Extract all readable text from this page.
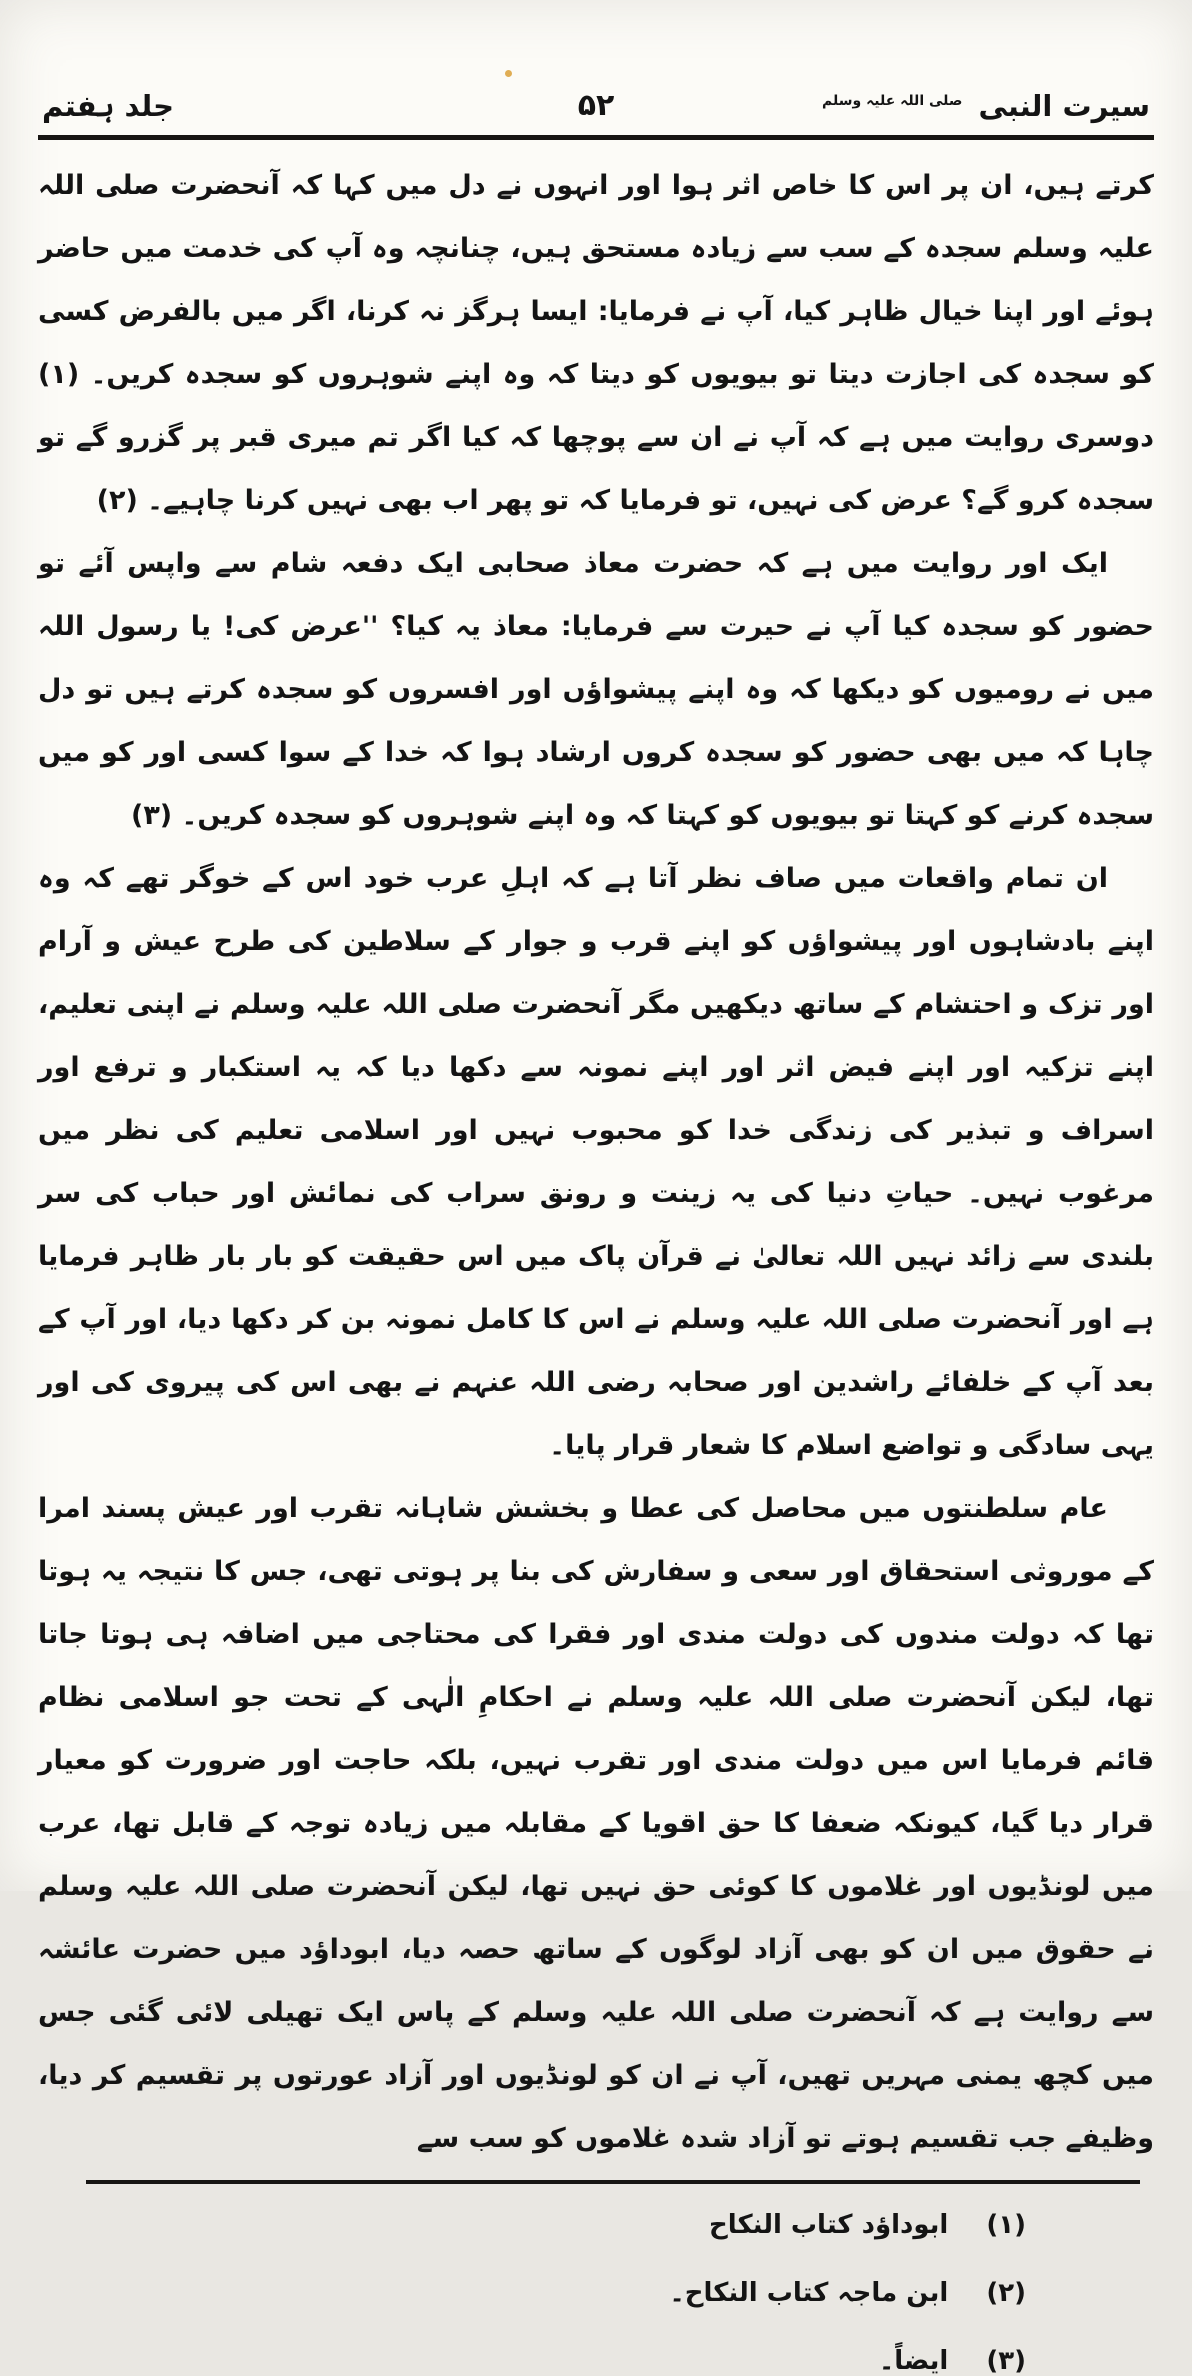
سیرت النبی $^{صلی اللہ علیہ وسلم}$
۵۲
جلد ہفتم

کرتے ہیں، ان پر اس کا خاص اثر ہوا اور انہوں نے دل میں کہا کہ آنحضرت صلی اللہ علیہ وسلم سجدہ کے سب سے زیادہ مستحق ہیں، چنانچہ وہ آپ کی خدمت میں حاضر ہوئے اور اپنا خیال ظاہر کیا، آپ نے فرمایا: ایسا ہرگز نہ کرنا، اگر میں بالفرض کسی کو سجدہ کی اجازت دیتا تو بیویوں کو دیتا کہ وہ اپنے شوہروں کو سجدہ کریں۔ (۱) دوسری روایت میں ہے کہ آپ نے ان سے پوچھا کہ کیا اگر تم میری قبر پر گزرو گے تو سجدہ کرو گے؟ عرض کی نہیں، تو فرمایا کہ تو پھر اب بھی نہیں کرنا چاہیے۔ (۲)

ایک اور روایت میں ہے کہ حضرت معاذ صحابی ایک دفعہ شام سے واپس آئے تو حضور کو سجدہ کیا آپ نے حیرت سے فرمایا: معاذ یہ کیا؟ ''عرض کی! یا رسول اللہ میں نے رومیوں کو دیکھا کہ وہ اپنے پیشواؤں اور افسروں کو سجدہ کرتے ہیں تو دل چاہا کہ میں بھی حضور کو سجدہ کروں ارشاد ہوا کہ خدا کے سوا کسی اور کو میں سجدہ کرنے کو کہتا تو بیویوں کو کہتا کہ وہ اپنے شوہروں کو سجدہ کریں۔ (۳)

ان تمام واقعات میں صاف نظر آتا ہے کہ اہلِ عرب خود اس کے خوگر تھے کہ وہ اپنے بادشاہوں اور پیشواؤں کو اپنے قرب و جوار کے سلاطین کی طرح عیش و آرام اور تزک و احتشام کے ساتھ دیکھیں مگر آنحضرت صلی اللہ علیہ وسلم نے اپنی تعلیم، اپنے تزکیہ اور اپنے فیض اثر اور اپنے نمونہ سے دکھا دیا کہ یہ استکبار و ترفع اور اسراف و تبذیر کی زندگی خدا کو محبوب نہیں اور اسلامی تعلیم کی نظر میں مرغوب نہیں۔ حیاتِ دنیا کی یہ زینت و رونق سراب کی نمائش اور حباب کی سر بلندی سے زائد نہیں اللہ تعالیٰ نے قرآن پاک میں اس حقیقت کو بار بار ظاہر فرمایا ہے اور آنحضرت صلی اللہ علیہ وسلم نے اس کا کامل نمونہ بن کر دکھا دیا، اور آپ کے بعد آپ کے خلفائے راشدین اور صحابہ رضی اللہ عنہم نے بھی اس کی پیروی کی اور یہی سادگی و تواضع اسلام کا شعار قرار پایا۔

عام سلطنتوں میں محاصل کی عطا و بخشش شاہانہ تقرب اور عیش پسند امرا کے موروثی استحقاق اور سعی و سفارش کی بنا پر ہوتی تھی، جس کا نتیجہ یہ ہوتا تھا کہ دولت مندوں کی دولت مندی اور فقرا کی محتاجی میں اضافہ ہی ہوتا جاتا تھا، لیکن آنحضرت صلی اللہ علیہ وسلم نے احکامِ الٰہی کے تحت جو اسلامی نظام قائم فرمایا اس میں دولت مندی اور تقرب نہیں، بلکہ حاجت اور ضرورت کو معیار قرار دیا گیا، کیونکہ ضعفا کا حق اقویا کے مقابلہ میں زیادہ توجہ کے قابل تھا، عرب میں لونڈیوں اور غلاموں کا کوئی حق نہیں تھا، لیکن آنحضرت صلی اللہ علیہ وسلم نے حقوق میں ان کو بھی آزاد لوگوں کے ساتھ حصہ دیا، ابوداؤد میں حضرت عائشہ سے روایت ہے کہ آنحضرت صلی اللہ علیہ وسلم کے پاس ایک تھیلی لائی گئی جس میں کچھ یمنی مہریں تھیں، آپ نے ان کو لونڈیوں اور آزاد عورتوں پر تقسیم کر دیا، وظیفے جب تقسیم ہوتے تو آزاد شدہ غلاموں کو سب سے

(۱)
ابوداؤد کتاب النکاح
(۲)
ابن ماجہ کتاب النکاح۔
(۳)
ایضاً۔
